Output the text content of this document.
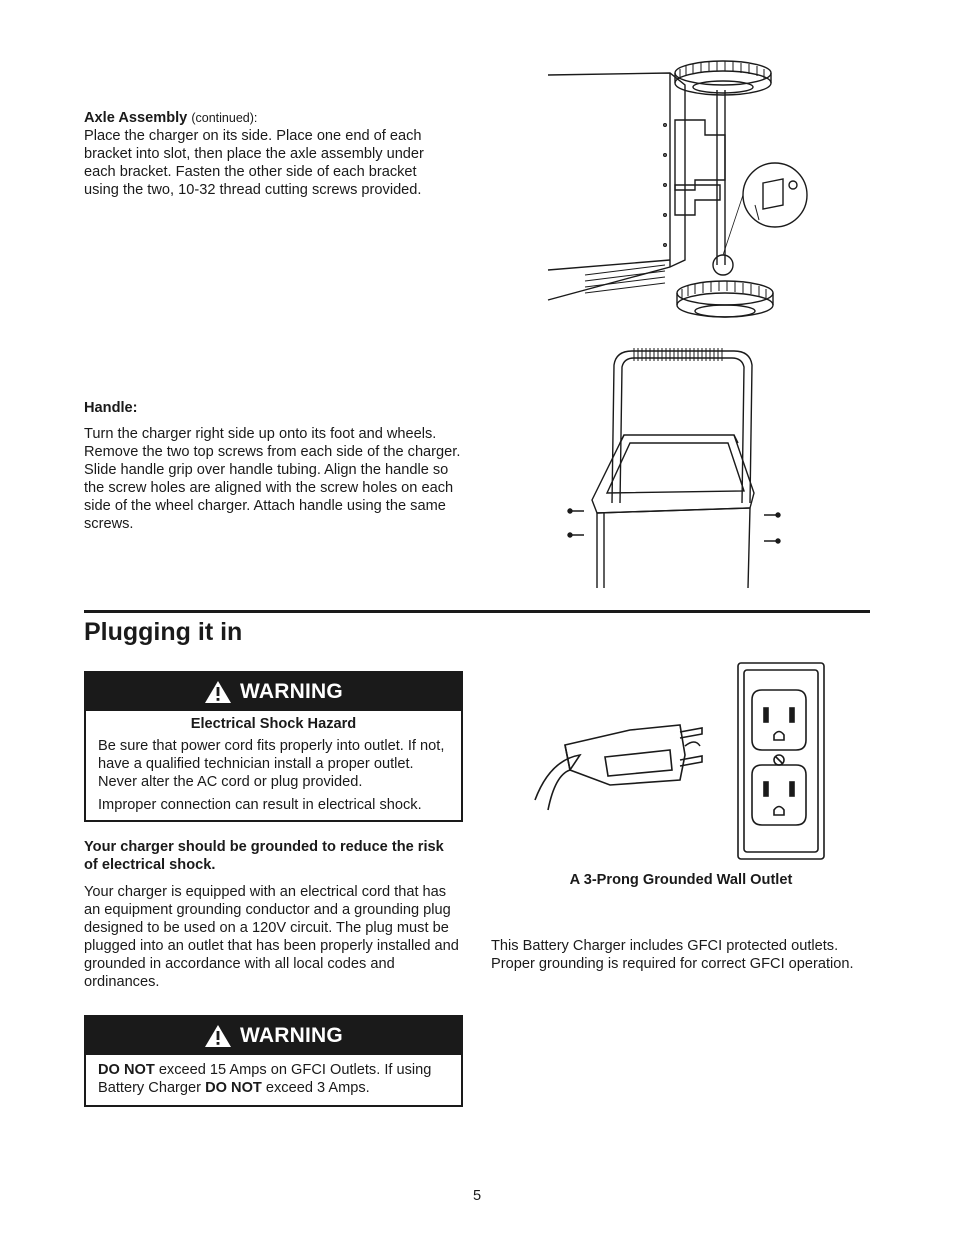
Axle Assembly (continued):
Place the charger on its side. Place one end of each bracket into slot, then place the axle assembly under each bracket. Fasten the other side of each bracket using the two, 10-32 thread cutting screws provided.
Handle:
Turn the charger right side up onto its foot and wheels. Remove the two top screws from each side of the charger. Slide handle grip over handle tubing. Align the handle so the screw holes are aligned with the screw holes on each side of the wheel charger. Attach handle using the same screws.
Plugging it in
WARNING
Electrical Shock Hazard
Be sure that power cord fits properly into outlet. If not, have a qualified technician install a proper outlet. Never alter the AC cord or plug provided.
Improper connection can result in electrical shock.
Your charger should be grounded to reduce the risk of electrical shock.
Your charger is equipped with an electrical cord that has an equipment grounding conductor and a grounding plug designed to be used on a 120V circuit. The plug must be plugged into an outlet that has been properly installed and grounded in accordance with all local codes and ordinances.
WARNING
DO NOT exceed 15 Amps on GFCI Outlets. If using Battery Charger DO NOT exceed 3 Amps.
A 3-Prong Grounded Wall Outlet
This Battery Charger includes GFCI protected outlets. Proper grounding is required for correct GFCI operation.
5
